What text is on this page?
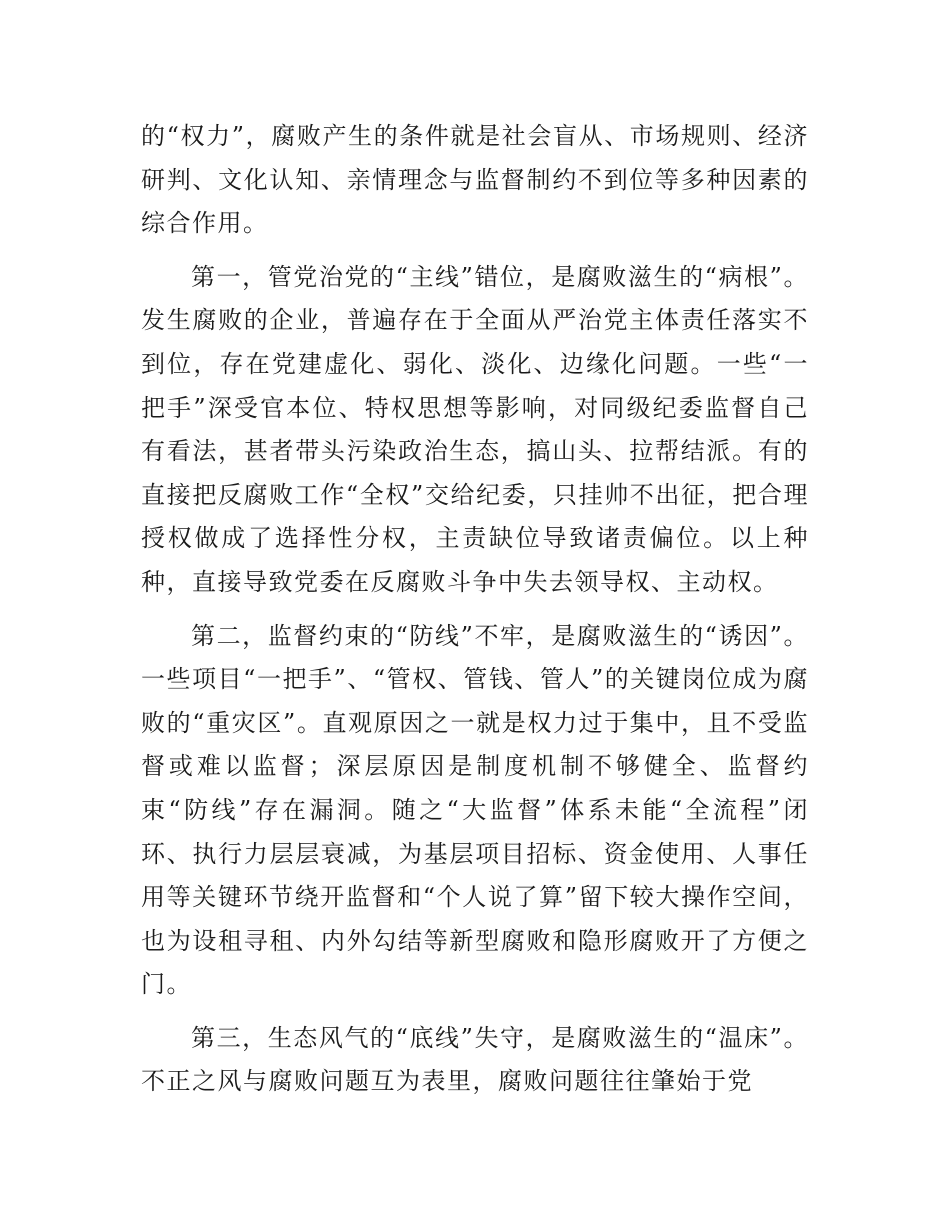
的“权力”，腐败产生的条件就是社会盲从、市场规则、经济研判、文化认知、亲情理念与监督制约不到位等多种因素的综合作用。

第一，管党治党的“主线”错位，是腐败滋生的“病根”。发生腐败的企业，普遍存在于全面从严治党主体责任落实不到位，存在党建虚化、弱化、淡化、边缘化问题。一些“一把手”深受官本位、特权思想等影响，对同级纪委监督自己有看法，甚者带头污染政治生态，搞山头、拉帮结派。有的直接把反腐败工作“全权”交给纪委，只挂帅不出征，把合理授权做成了选择性分权，主责缺位导致诸责偏位。以上种种，直接导致党委在反腐败斗争中失去领导权、主动权。

第二，监督约束的“防线”不牢，是腐败滋生的“诱因”。一些项目“一把手”、“管权、管钱、管人”的关键岗位成为腐败的“重灾区”。直观原因之一就是权力过于集中，且不受监督或难以监督；深层原因是制度机制不够健全、监督约束“防线”存在漏洞。随之“大监督”体系未能“全流程”闭环、执行力层层衰减，为基层项目招标、资金使用、人事任用等关键环节绕开监督和“个人说了算”留下较大操作空间，也为设租寻租、内外勾结等新型腐败和隐形腐败开了方便之门。

第三，生态风气的“底线”失守，是腐败滋生的“温床”。不正之风与腐败问题互为表里，腐败问题往往肇始于党
